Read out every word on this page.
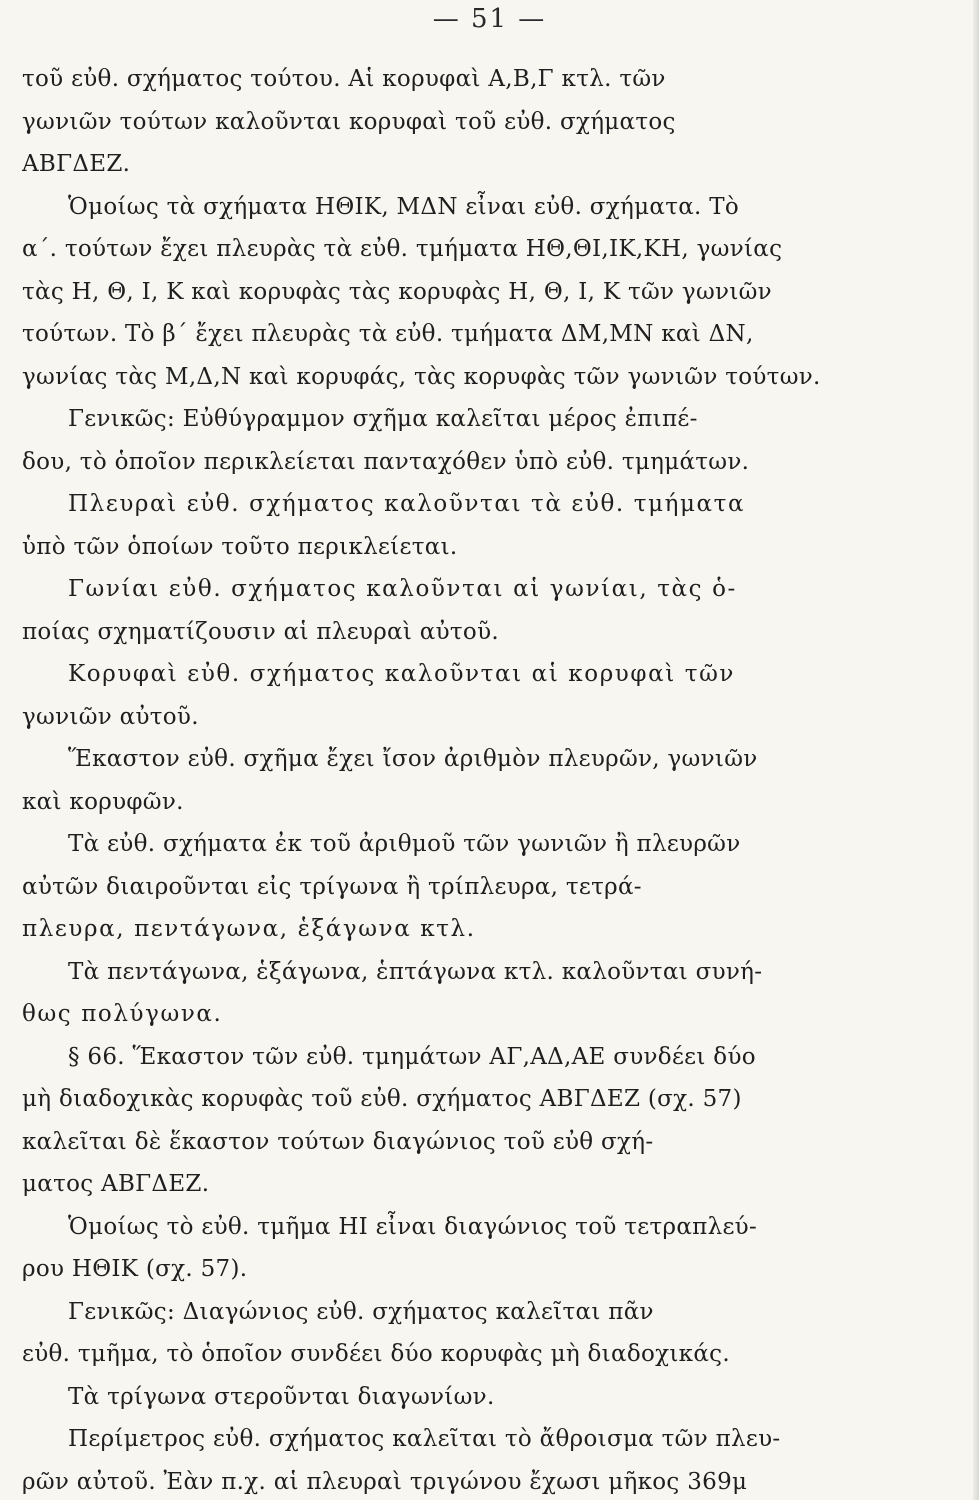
— 51 —
τοῦ εὐθ. σχήματος τούτου. Αἱ κορυφαὶ Α,Β,Γ κτλ. τῶν
γωνιῶν τούτων καλοῦνται κορυφαὶ τοῦ εὐθ. σχήματος
ΑΒΓΔΕΖ.
Ὁμοίως τὰ σχήματα ΗΘΙΚ, ΜΔΝ εἶναι εὐθ. σχήματα. Τὸ
α΄. τούτων ἔχει πλευρὰς τὰ εὐθ. τμήματα ΗΘ,ΘΙ,ΙΚ,ΚΗ, γωνίας
τὰς Η, Θ, Ι, Κ καὶ κορυφὰς τὰς κορυφὰς Η, Θ, Ι, Κ τῶν γωνιῶν
τούτων. Τὸ β΄ ἔχει πλευρὰς τὰ εὐθ. τμήματα ΔΜ,ΜΝ καὶ ΔΝ,
γωνίας τὰς Μ,Δ,Ν καὶ κορυφάς, τὰς κορυφὰς τῶν γωνιῶν τούτων.
Γενικῶς: Εὐθύγραμμον σχῆμα καλεῖται μέρος ἐπιπέ-
δου, τὸ ὁποῖον περικλείεται πανταχόθεν ὑπὸ εὐθ. τμημάτων.
Πλευραὶ εὐθ. σχήματος καλοῦνται τὰ εὐθ. τμήματα
ὑπὸ τῶν ὁποίων τοῦτο περικλείεται.
Γωνίαι εὐθ. σχήματος καλοῦνται αἱ γωνίαι, τὰς ὁ-
ποίας σχηματίζουσιν αἱ πλευραὶ αὐτοῦ.
Κορυφαὶ εὐθ. σχήματος καλοῦνται αἱ κορυφαὶ τῶν
γωνιῶν αὐτοῦ.
Ἕκαστον εὐθ. σχῆμα ἔχει ἴσον ἀριθμὸν πλευρῶν, γωνιῶν
καὶ κορυφῶν.
Τὰ εὐθ. σχήματα ἐκ τοῦ ἀριθμοῦ τῶν γωνιῶν ἢ πλευρῶν
αὐτῶν διαιροῦνται εἰς τρίγωνα ἢ τρίπλευρα, τετρά-
πλευρα, πεντάγωνα, ἑξάγωνα κτλ.
Τὰ πεντάγωνα, ἑξάγωνα, ἑπτάγωνα κτλ. καλοῦνται συνή-
θως πολύγωνα.
§ 66. Ἕκαστον τῶν εὐθ. τμημάτων ΑΓ,ΑΔ,ΑΕ συνδέει δύο
μὴ διαδοχικὰς κορυφὰς τοῦ εὐθ. σχήματος ΑΒΓΔΕΖ (σχ. 57)
καλεῖται δὲ ἕκαστον τούτων διαγώνιος τοῦ εὐθ σχή-
ματος ΑΒΓΔΕΖ.
Ὁμοίως τὸ εὐθ. τμῆμα ΗΙ εἶναι διαγώνιος τοῦ τετραπλεύ-
ρου ΗΘΙΚ (σχ. 57).
Γενικῶς: Διαγώνιος εὐθ. σχήματος καλεῖται πᾶν
εὐθ. τμῆμα, τὸ ὁποῖον συνδέει δύο κορυφὰς μὴ διαδοχικάς.
Τὰ τρίγωνα στεροῦνται διαγωνίων.
Περίμετρος εὐθ. σχήματος καλεῖται τὸ ἄθροισμα τῶν πλευ-
ρῶν αὐτοῦ. Ἐὰν π.χ. αἱ πλευραὶ τριγώνου ἔχωσι μῆκος 369μ
